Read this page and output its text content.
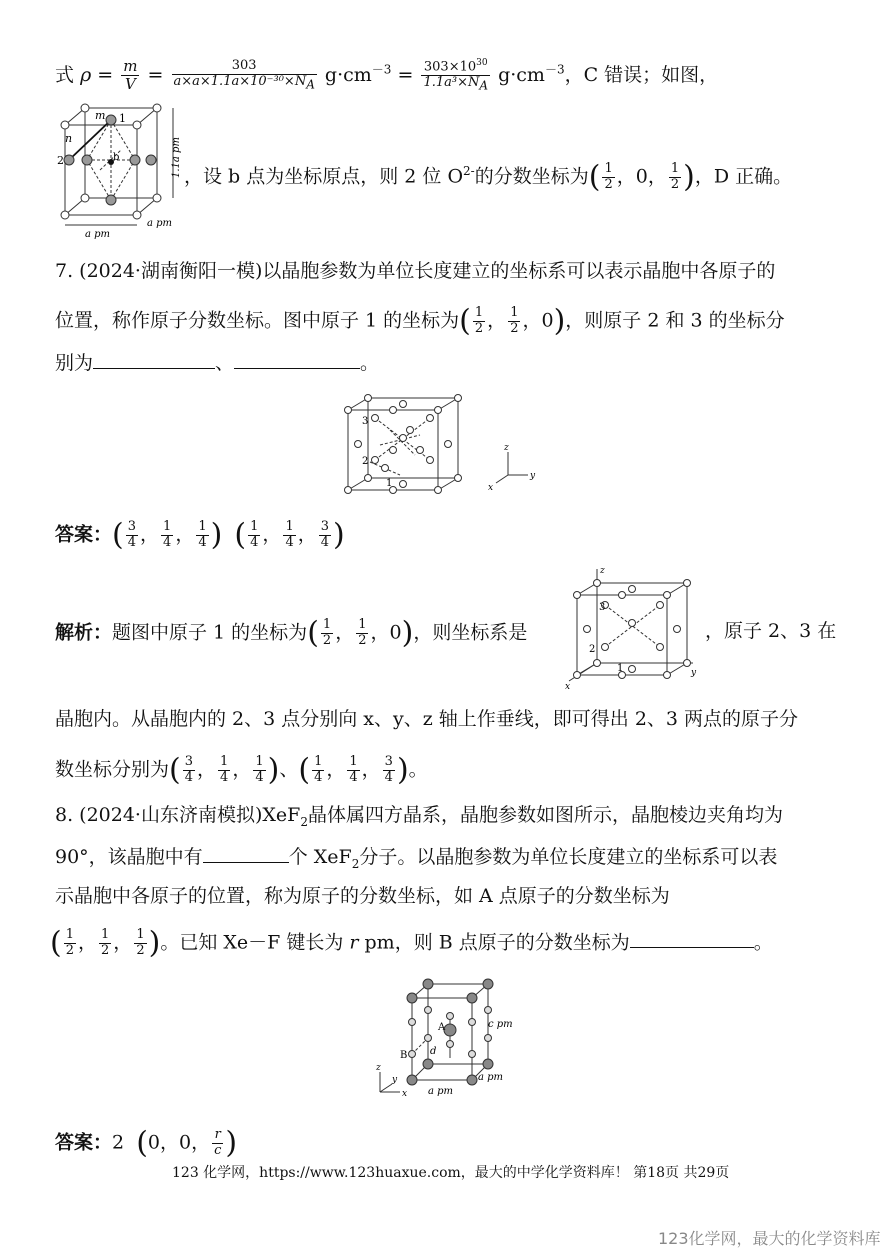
式 $\rho = \frac{m}{V} = \frac{303}{a\times a\times 1.1a\times 10^{-30}\times N_A} g\cdot cm^{-3} = \frac{303\times 10^{30}}{1.1a^3\times N_A} g\cdot cm^{-3}$，C 错误；如图，
m 1
n
2	b	1.1a pm
a pm
a pm
，设 b 点为坐标原点，则 2 位 $O^{2-}$的分数坐标为( $\frac{1}{2}$ ，0， $\frac{1}{2}$ )，D 正确。
7. (2024·湖南衡阳一模)以晶胞参数为单位长度建立的坐标系可以表示晶胞中各原子的
位置，称作原子分数坐标。图中原子 1 的坐标为( $\frac{1}{2}$ ， $\frac{1}{2}$ ，0)，则原子 2 和 3 的坐标分
别为	、	。
3
2
1
z
y
x
答案：( $\frac{3}{4}$ ， $\frac{1}{4}$ ， $\frac{1}{4}$ ) ( $\frac{1}{4}$ ， $\frac{1}{4}$ ， $\frac{3}{4}$ )
解析：题图中原子 1 的坐标为( $\frac{1}{2}$ ， $\frac{1}{2}$ ，0)，则坐标系是
z
y
x
3
2
1
，原子 2、3 在
晶胞内。从晶胞内的 2、3 点分别向 x、y、z 轴上作垂线，即可得出 2、3 两点的原子分
数坐标分别为( $\frac{3}{4}$ ， $\frac{1}{4}$ ， $\frac{1}{4}$ )、( $\frac{1}{4}$ ， $\frac{1}{4}$ ， $\frac{3}{4}$ )。
8. (2024·山东济南模拟)XeF$_2$晶体属四方晶系，晶胞参数如图所示，晶胞棱边夹角均为
90°，该晶胞中有	个 XeF$_2$分子。以晶胞参数为单位长度建立的坐标系可以表
示晶胞中各原子的位置，称为原子的分数坐标，如 A 点原子的分数坐标为
( $\frac{1}{2}$ ， $\frac{1}{2}$ ， $\frac{1}{2}$ )。已知 Xe－F 键长为 r pm，则 B 点原子的分数坐标为	。
A
B d
c pm
a pm
a pm
z
y
x
答案：2 (0，0， $\frac{r}{c}$ )
123 化学网，https://www.123huaxue.com，最大的中学化学资料库！ 第18页 共29页
123化学网，最大的化学资料库
